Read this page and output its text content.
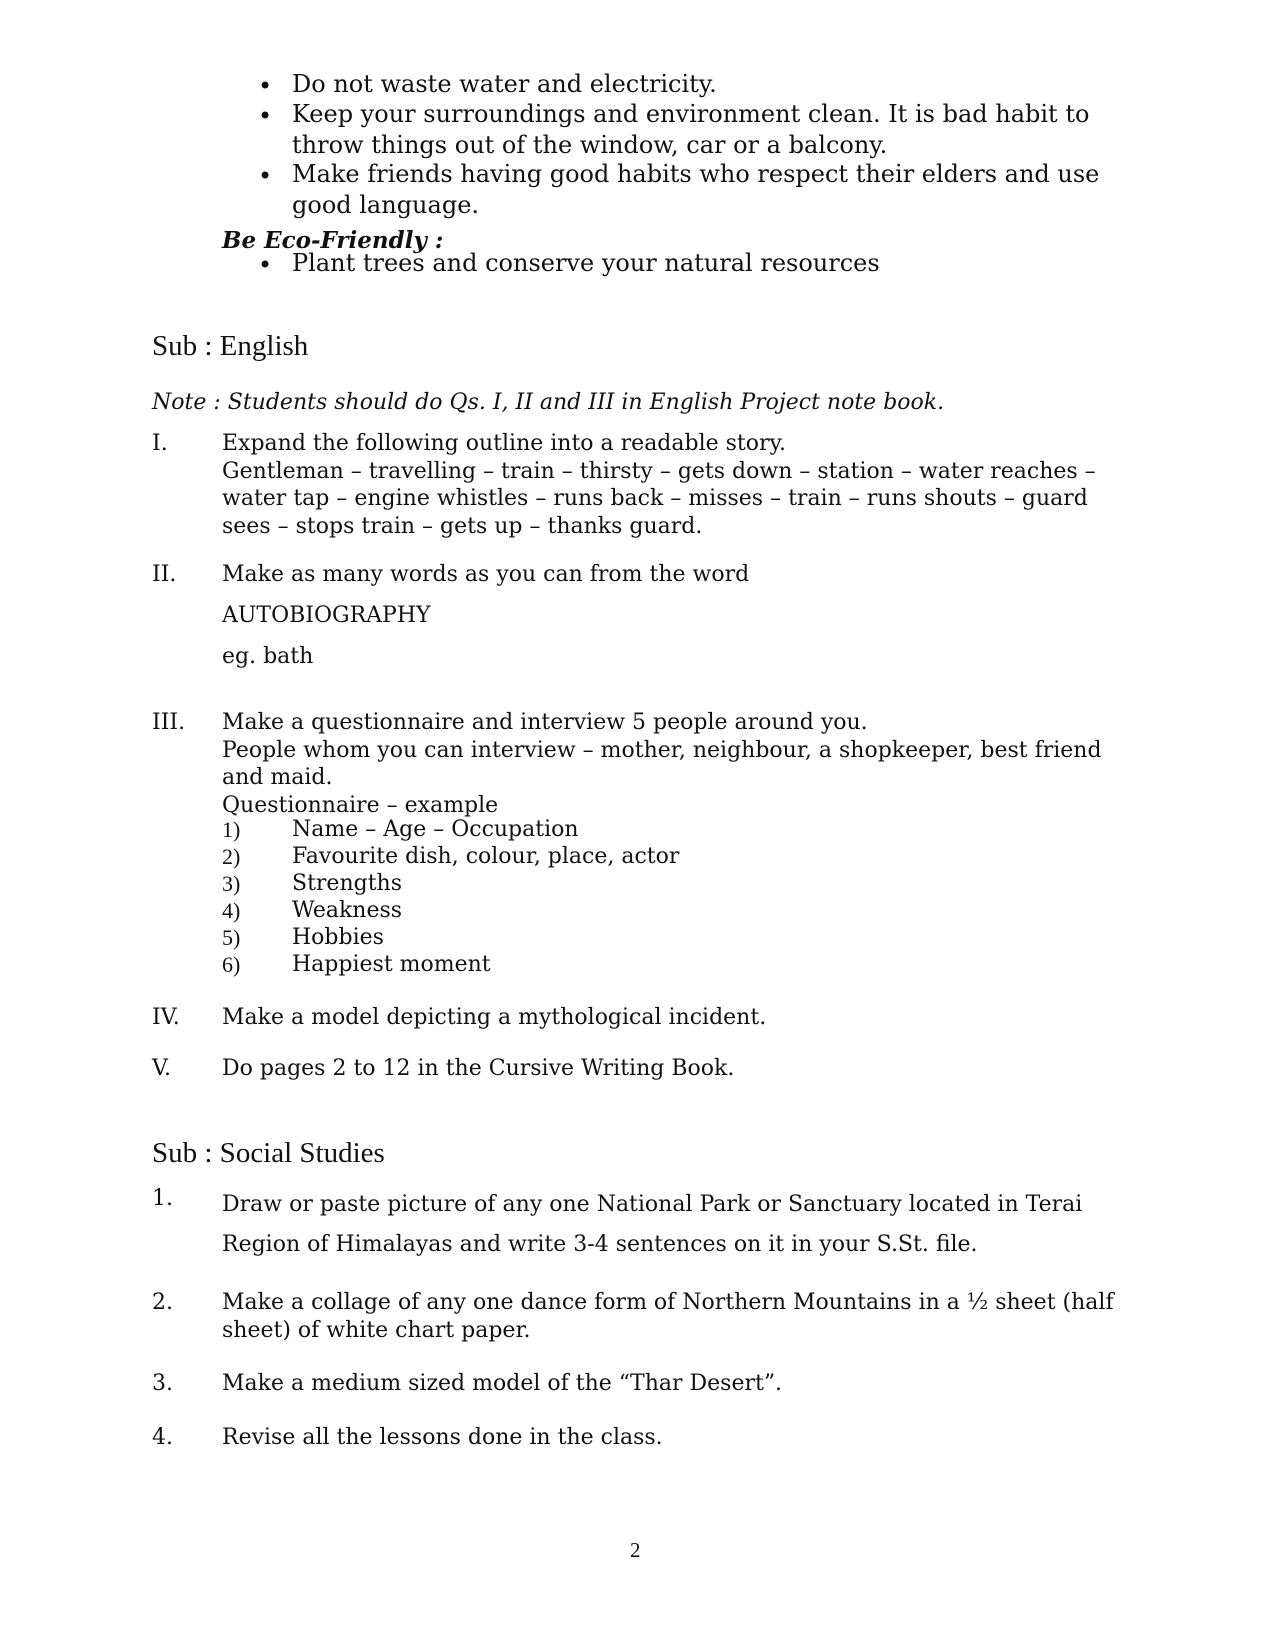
• Do not waste water and electricity.
• Keep your surroundings and environment clean. It is bad habit to throw things out of the window, car or a balcony.
• Make friends having good habits who respect their elders and use good language.
Be Eco-Friendly :
• Plant trees and conserve your natural resources
Sub : English
Note : Students should do Qs. I, II and III in English Project note book.
I. Expand the following outline into a readable story.
Gentleman – travelling – train – thirsty – gets down – station – water reaches –
water tap – engine whistles – runs back – misses – train – runs shouts – guard
sees – stops train – gets up – thanks guard.
II. Make as many words as you can from the word
AUTOBIOGRAPHY
eg. bath
III. Make a questionnaire and interview 5 people around you.
People whom you can interview – mother, neighbour, a shopkeeper, best friend
and maid.
Questionnaire – example
1) Name – Age – Occupation
2) Favourite dish, colour, place, actor
3) Strengths
4) Weakness
5) Hobbies
6) Happiest moment
IV. Make a model depicting a mythological incident.
V. Do pages 2 to 12 in the Cursive Writing Book.
Sub : Social Studies
1. Draw or paste picture of any one National Park or Sanctuary located in Terai
Region of Himalayas and write 3-4 sentences on it in your S.St. file.
2. Make a collage of any one dance form of Northern Mountains in a ½ sheet (half
sheet) of white chart paper.
3. Make a medium sized model of the “Thar Desert”.
4. Revise all the lessons done in the class.
2
